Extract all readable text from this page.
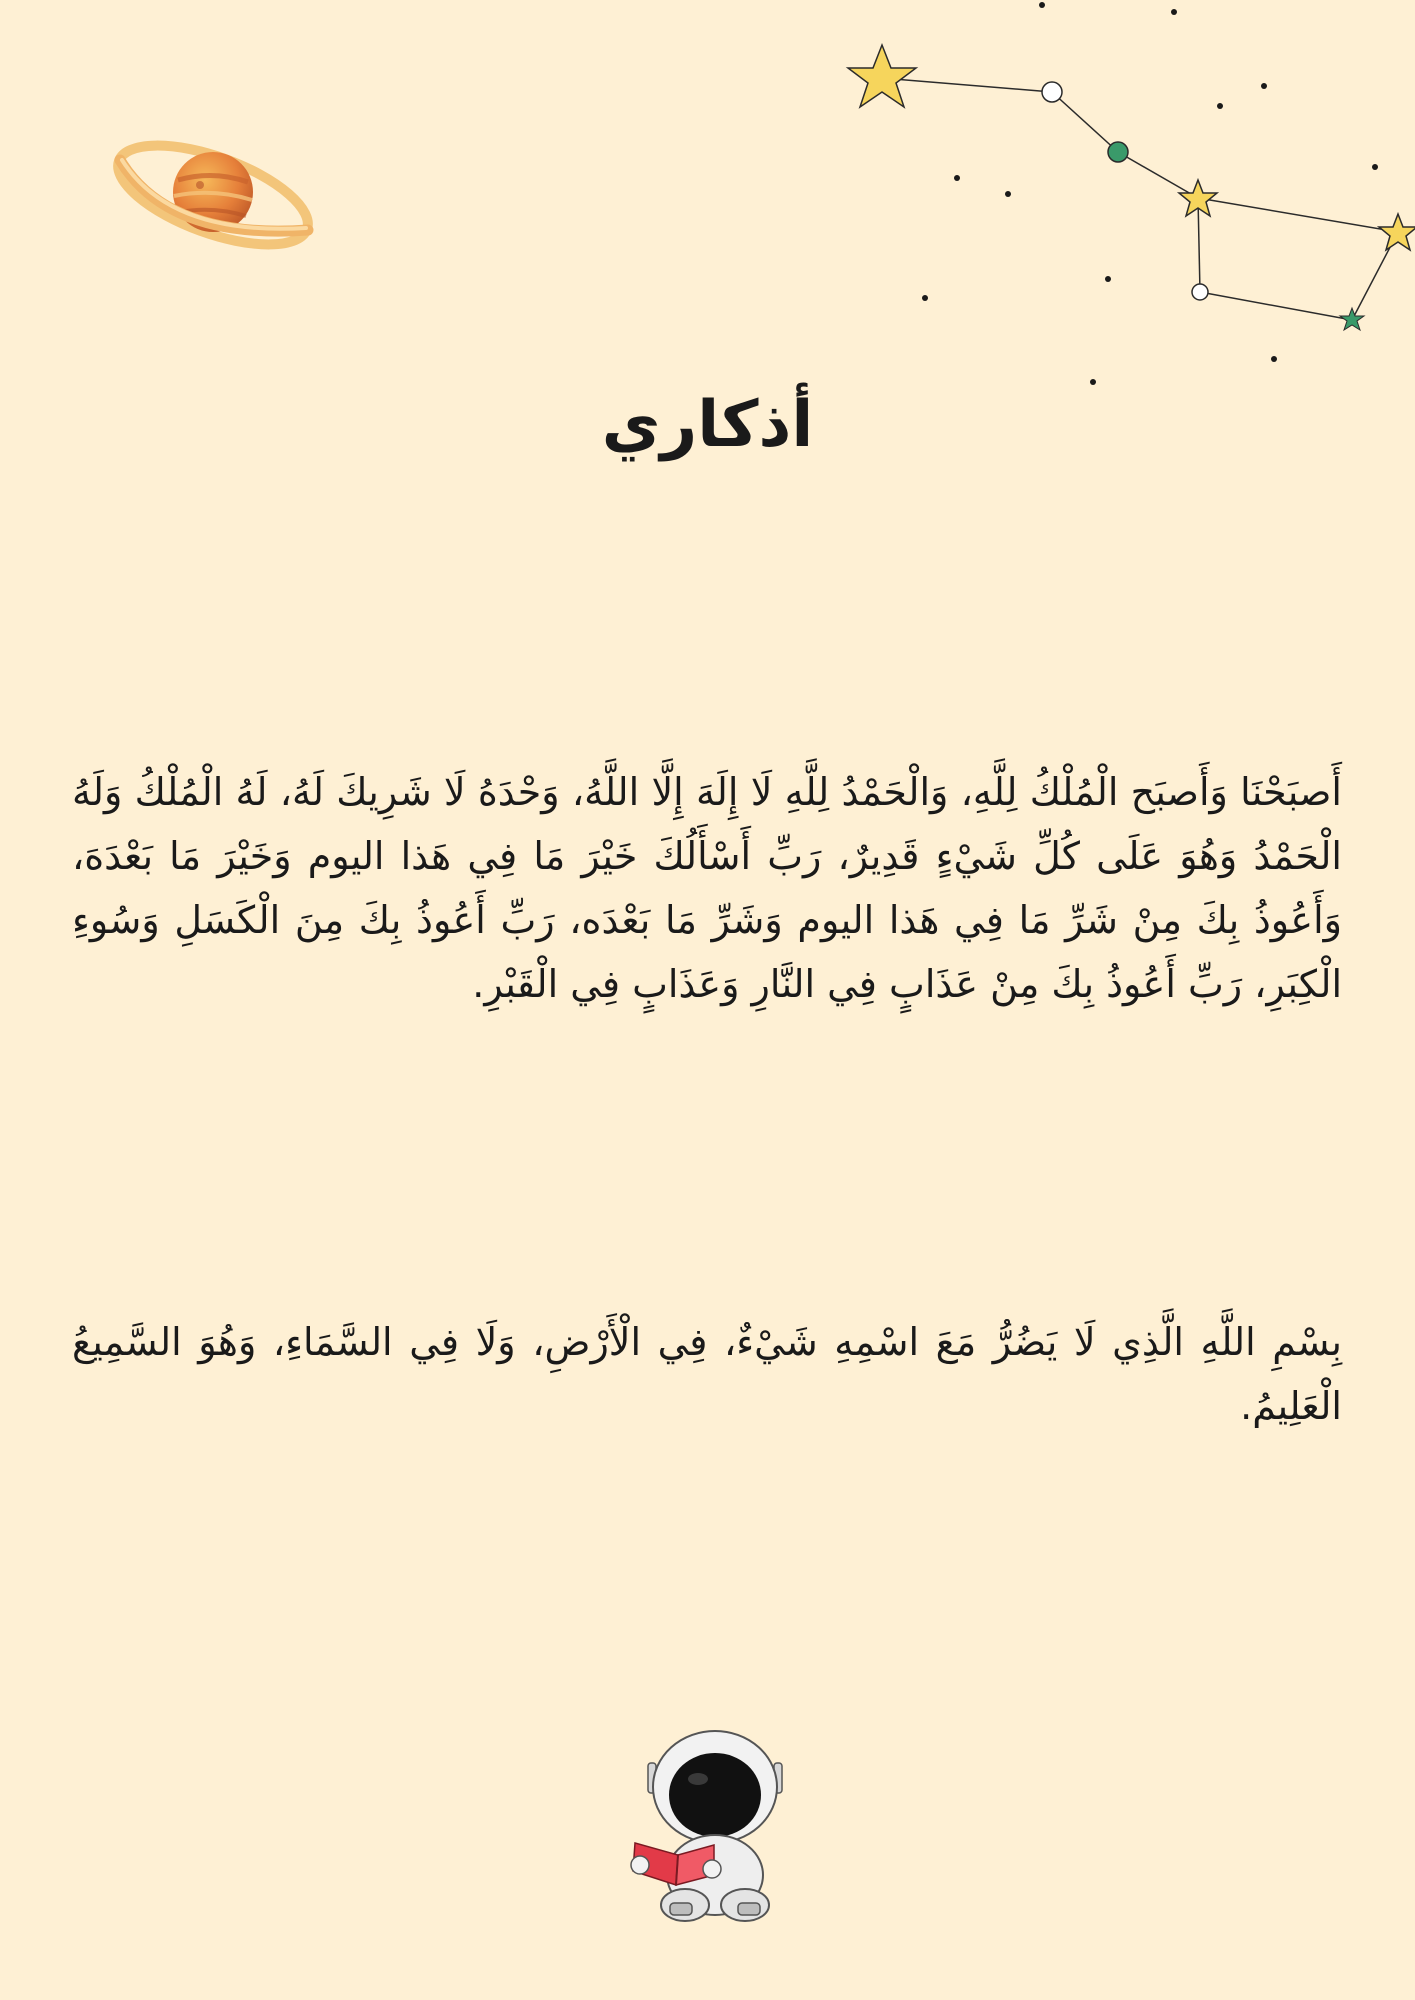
أذكاري

أَصبَحْنَا وَأَصبَح الْمُلْكُ لِلَّهِ، وَالْحَمْدُ لِلَّهِ لَا إِلَهَ إِلَّا اللَّهُ، وَحْدَهُ لَا شَرِيكَ لَهُ، لَهُ الْمُلْكُ وَلَهُ الْحَمْدُ وَهُوَ عَلَى كُلِّ شَيْءٍ قَدِيرٌ، رَبِّ أَسْأَلُكَ خَيْرَ مَا فِي هَذا اليوم وَخَيْرَ مَا بَعْدَهَ، وَأَعُوذُ بِكَ مِنْ شَرِّ مَا فِي هَذا اليوم وَشَرِّ مَا بَعْدَه، رَبِّ أَعُوذُ بِكَ مِنَ الْكَسَلِ وَسُوءِ الْكِبَرِ، رَبِّ أَعُوذُ بِكَ مِنْ عَذَابٍ فِي النَّارِ وَعَذَابٍ فِي الْقَبْرِ.

بِسْمِ اللَّهِ الَّذِي لَا يَضُرُّ مَعَ اسْمِهِ شَيْءٌ، فِي الْأَرْضِ، وَلَا فِي السَّمَاءِ، وَهُوَ السَّمِيعُ الْعَلِيمُ.
